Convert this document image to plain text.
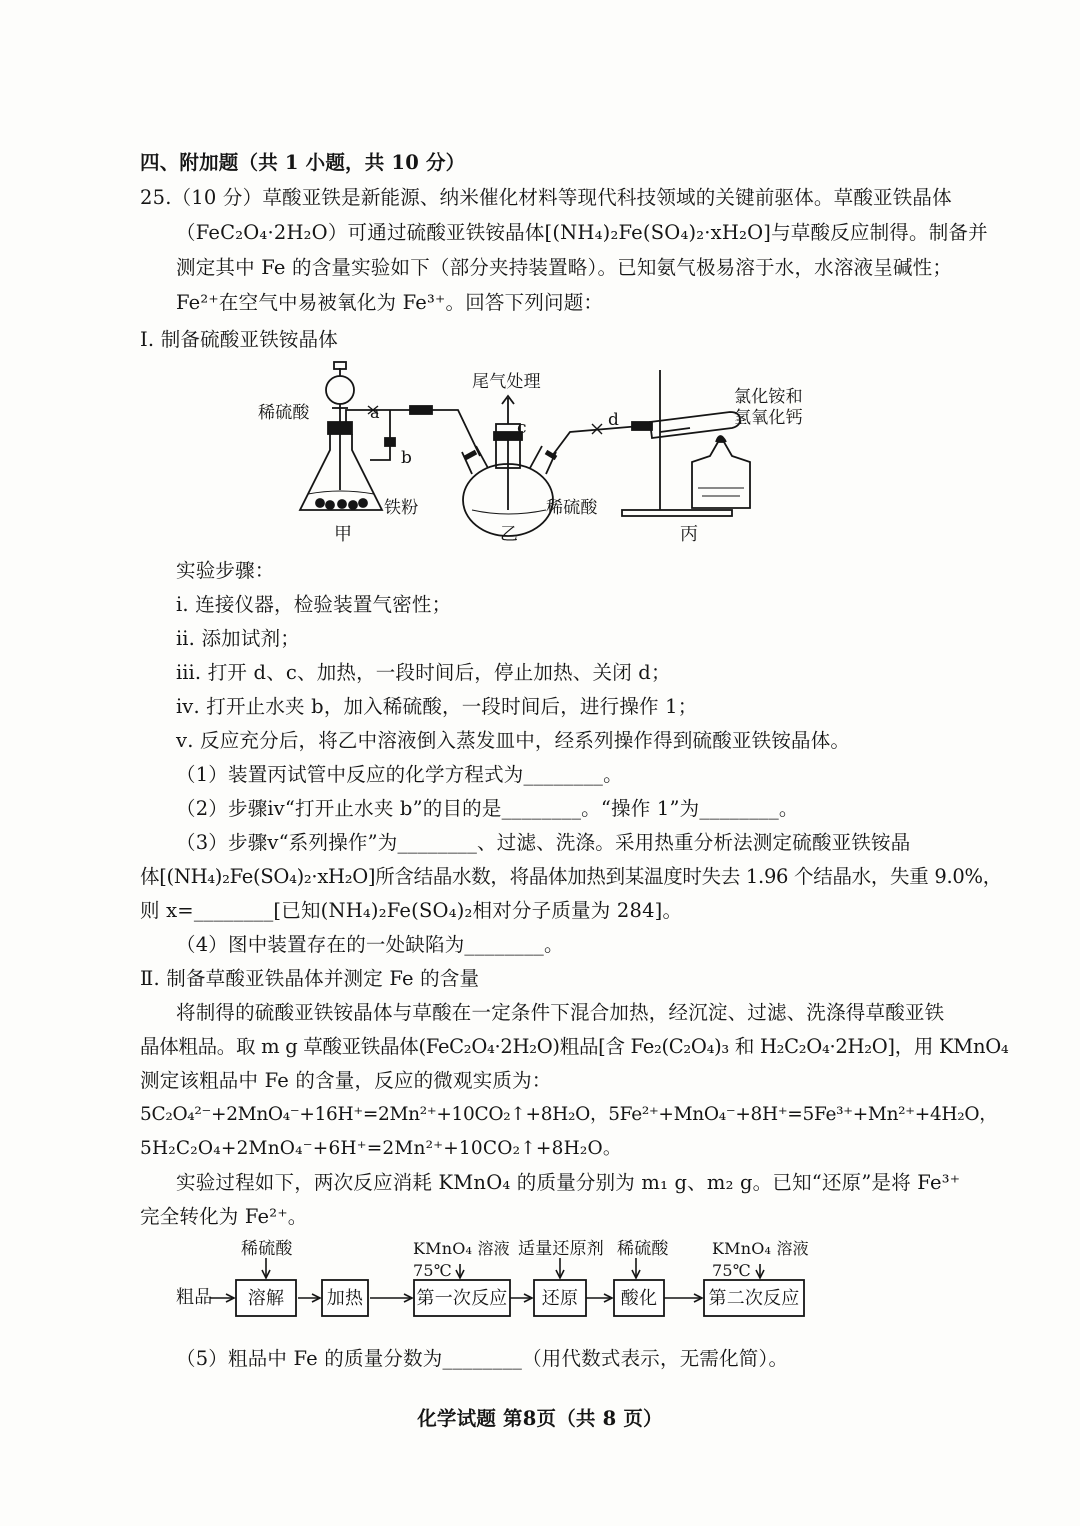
四、附加题（共 1 小题，共 10 分）
25.（10 分）草酸亚铁是新能源、纳米催化材料等现代科技领域的关键前驱体。草酸亚铁晶体
（FeC₂O₄·2H₂O）可通过硫酸亚铁铵晶体[(NH₄)₂Fe(SO₄)₂·xH₂O]与草酸反应制得。制备并
测定其中 Fe 的含量实验如下（部分夹持装置略）。已知氨气极易溶于水，水溶液呈碱性；
Fe²⁺在空气中易被氧化为 Fe³⁺。回答下列问题：
Ⅰ. 制备硫酸亚铁铵晶体
稀硫酸	a
b
c	d
铁粉
尾气处理
稀硫酸
氯化铵和
氢氧化钙
甲	乙	丙
实验步骤：
ⅰ. 连接仪器，检验装置气密性；
ⅱ. 添加试剂；
ⅲ. 打开 d、c、加热，一段时间后，停止加热、关闭 d；
ⅳ. 打开止水夹 b，加入稀硫酸，一段时间后，进行操作 1；
ⅴ. 反应充分后，将乙中溶液倒入蒸发皿中，经系列操作得到硫酸亚铁铵晶体。
（1）装置丙试管中反应的化学方程式为________。
（2）步骤ⅳ“打开止水夹 b”的目的是________。“操作 1”为________。
（3）步骤ⅴ“系列操作”为________、过滤、洗涤。采用热重分析法测定硫酸亚铁铵晶
体[(NH₄)₂Fe(SO₄)₂·xH₂O]所含结晶水数，将晶体加热到某温度时失去 1.96 个结晶水，失重 9.0%，
则 x=________[已知(NH₄)₂Fe(SO₄)₂相对分子质量为 284]。
（4）图中装置存在的一处缺陷为________。
Ⅱ. 制备草酸亚铁晶体并测定 Fe 的含量
将制得的硫酸亚铁铵晶体与草酸在一定条件下混合加热，经沉淀、过滤、洗涤得草酸亚铁
晶体粗品。取 m g 草酸亚铁晶体(FeC₂O₄·2H₂O)粗品[含 Fe₂(C₂O₄)₃ 和 H₂C₂O₄·2H₂O]，用 KMnO₄
测定该粗品中 Fe 的含量，反应的微观实质为：
5C₂O₄²⁻+2MnO₄⁻+16H⁺=2Mn²⁺+10CO₂↑+8H₂O，5Fe²⁺+MnO₄⁻+8H⁺=5Fe³⁺+Mn²⁺+4H₂O，
5H₂C₂O₄+2MnO₄⁻+6H⁺=2Mn²⁺+10CO₂↑+8H₂O。
实验过程如下，两次反应消耗 KMnO₄ 的质量分别为 m₁ g、m₂ g。已知“还原”是将 Fe³⁺
完全转化为 Fe²⁺。
粗品	溶解	加热	第一次反应	还原	酸化	第二次反应
稀硫酸	KMnO₄ 溶液
75℃
适量还原剂 稀硫酸	KMnO₄ 溶液
75℃
（5）粗品中 Fe 的质量分数为________（用代数式表示，无需化简）。
化学试题 第8页（共 8 页）
